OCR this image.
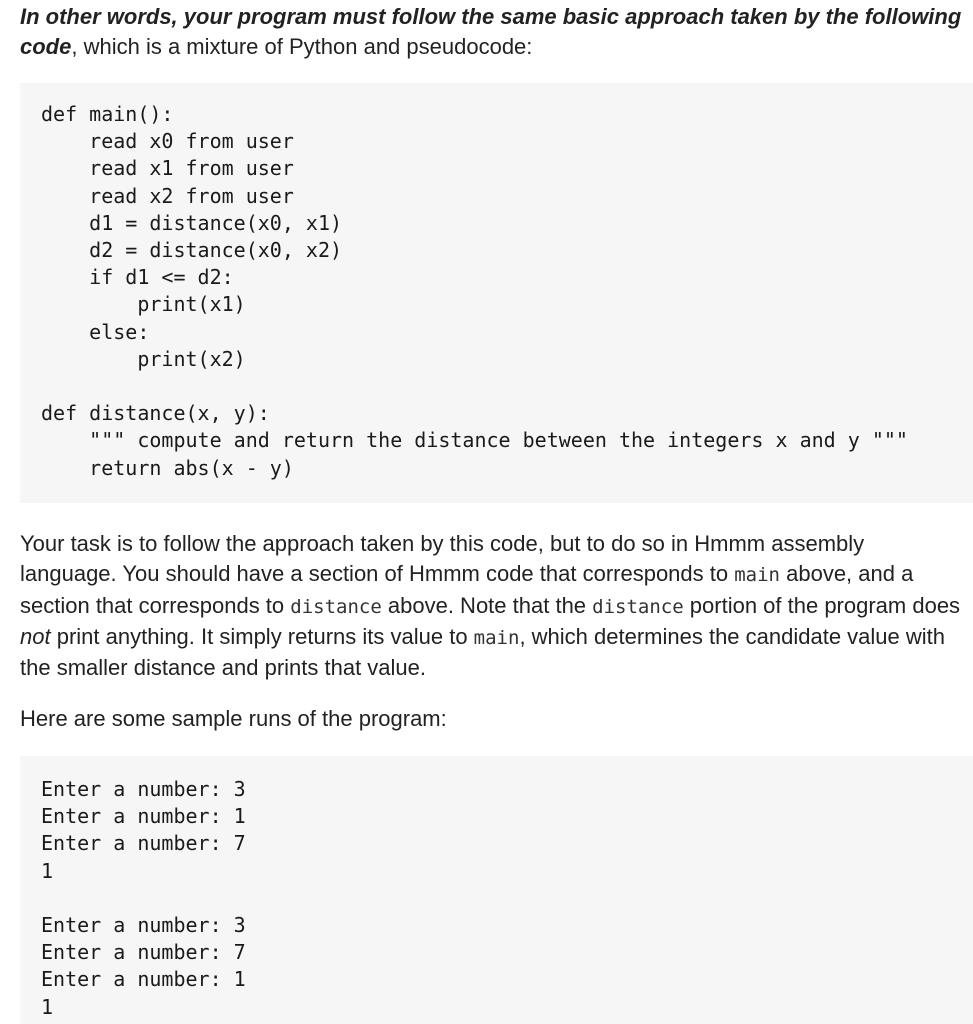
In other words, your program must follow the same basic approach taken by the following
code, which is a mixture of Python and pseudocode:

def main():
read x0 from user
read x1 from user
read x2 from user
d1 = distance(x0, x1)
d2 = distance(x0, x2)
if d1 <= d2:
print(x1)
else:
print(x2)

def distance(x, y):
""" compute and return the distance between the integers x and y """
return abs(x - y)

Your task is to follow the approach taken by this code, but to do so in Hmmm assembly language. You should have a section of Hmmm code that corresponds to main above, and a section that corresponds to distance above. Note that the distance portion of the program does not print anything. It simply returns its value to main, which determines the candidate value with the smaller distance and prints that value.

Here are some sample runs of the program:

Enter a number: 3
Enter a number: 1
Enter a number: 7
1

Enter a number: 3
Enter a number: 7
Enter a number: 1
1
